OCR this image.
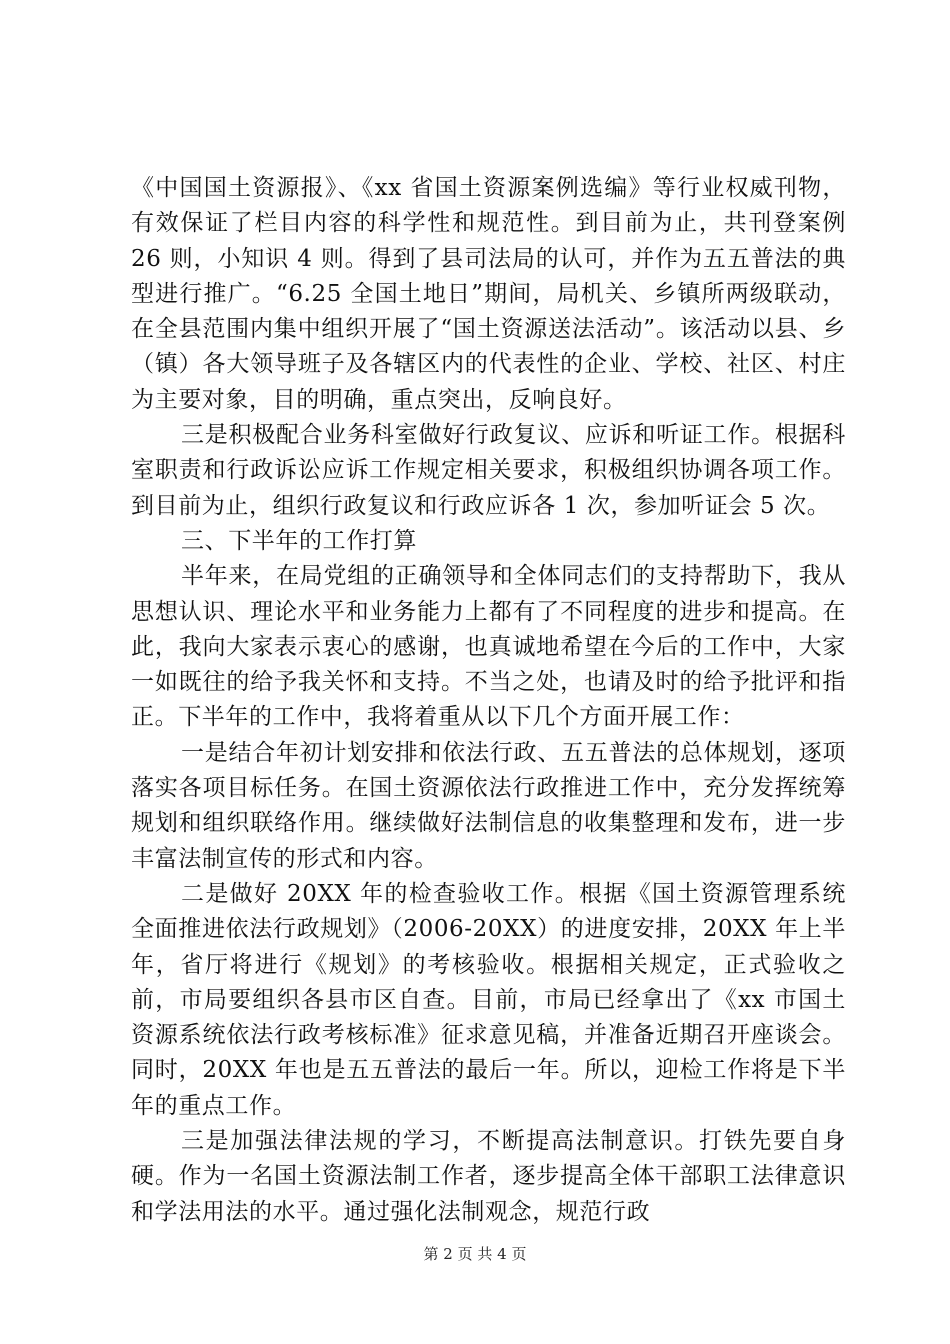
《中国国土资源报》、《xx 省国土资源案例选编》等行业权威刊物，有效保证了栏目内容的科学性和规范性。到目前为止，共刊登案例 26 则，小知识 4 则。得到了县司法局的认可，并作为五五普法的典型进行推广。“6.25 全国土地日”期间，局机关、乡镇所两级联动，在全县范围内集中组织开展了“国土资源送法活动”。该活动以县、乡（镇）各大领导班子及各辖区内的代表性的企业、学校、社区、村庄为主要对象，目的明确，重点突出，反响良好。

三是积极配合业务科室做好行政复议、应诉和听证工作。根据科室职责和行政诉讼应诉工作规定相关要求，积极组织协调各项工作。到目前为止，组织行政复议和行政应诉各 1 次，参加听证会 5 次。

三、下半年的工作打算

半年来，在局党组的正确领导和全体同志们的支持帮助下，我从思想认识、理论水平和业务能力上都有了不同程度的进步和提高。在此，我向大家表示衷心的感谢，也真诚地希望在今后的工作中，大家一如既往的给予我关怀和支持。不当之处，也请及时的给予批评和指正。下半年的工作中，我将着重从以下几个方面开展工作：

一是结合年初计划安排和依法行政、五五普法的总体规划，逐项落实各项目标任务。在国土资源依法行政推进工作中，充分发挥统筹规划和组织联络作用。继续做好法制信息的收集整理和发布，进一步丰富法制宣传的形式和内容。

二是做好 20XX 年的检查验收工作。根据《国土资源管理系统全面推进依法行政规划》（2006-20XX）的进度安排，20XX 年上半年，省厅将进行《规划》的考核验收。根据相关规定，正式验收之前，市局要组织各县市区自查。目前，市局已经拿出了《xx 市国土资源系统依法行政考核标准》征求意见稿，并准备近期召开座谈会。同时，20XX 年也是五五普法的最后一年。所以，迎检工作将是下半年的重点工作。

三是加强法律法规的学习，不断提高法制意识。打铁先要自身硬。作为一名国土资源法制工作者，逐步提高全体干部职工法律意识和学法用法的水平。通过强化法制观念，规范行政

第 2 页 共 4 页
